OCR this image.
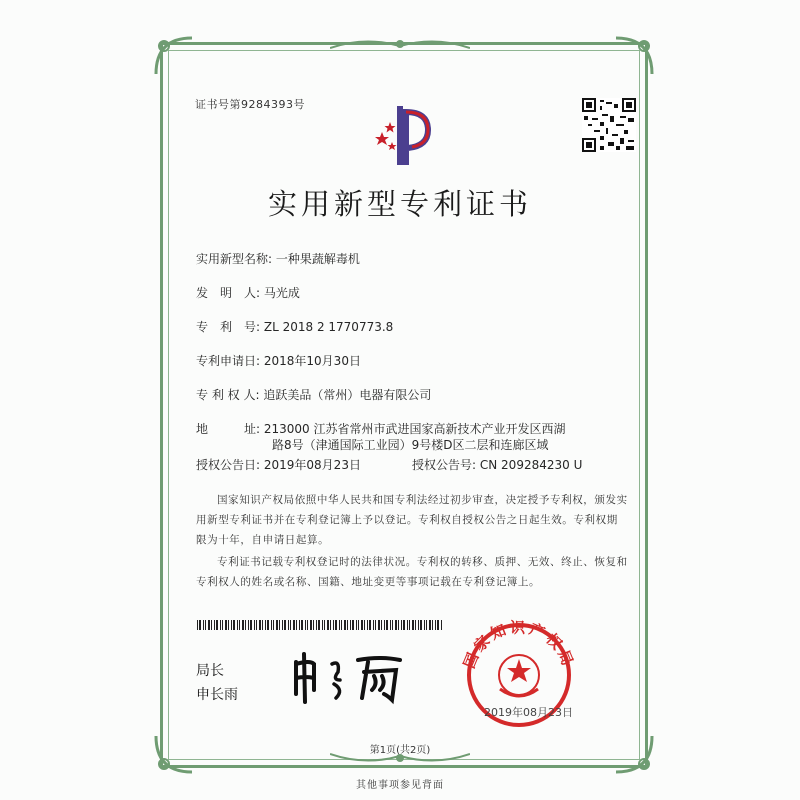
证书号第9284393号
实用新型专利证书
实用新型名称: 一种果蔬解毒机
发　明　人: 马光成
专　利　号: ZL 2018 2 1770773.8
专利申请日: 2018年10月30日
专 利 权 人: 追跃美品（常州）电器有限公司
地　　　址: 213000 江苏省常州市武进国家高新技术产业开发区西湖
路8号（津通国际工业园）9号楼D区二层和连廊区域
授权公告日: 2019年08月23日	授权公告号: CN 209284230 U

国家知识产权局依照中华人民共和国专利法经过初步审查，决定授予专利权，颁发实用新型专利证书并在专利登记簿上予以登记。专利权自授权公告之日起生效。专利权期限为十年，自申请日起算。

专利证书记载专利权登记时的法律状况。专利权的转移、质押、无效、终止、恢复和专利权人的姓名或名称、国籍、地址变更等事项记载在专利登记簿上。

局长
申长雨
国家知识产权局
2019年08月23日
第1页(共2页)
其他事项参见背面
